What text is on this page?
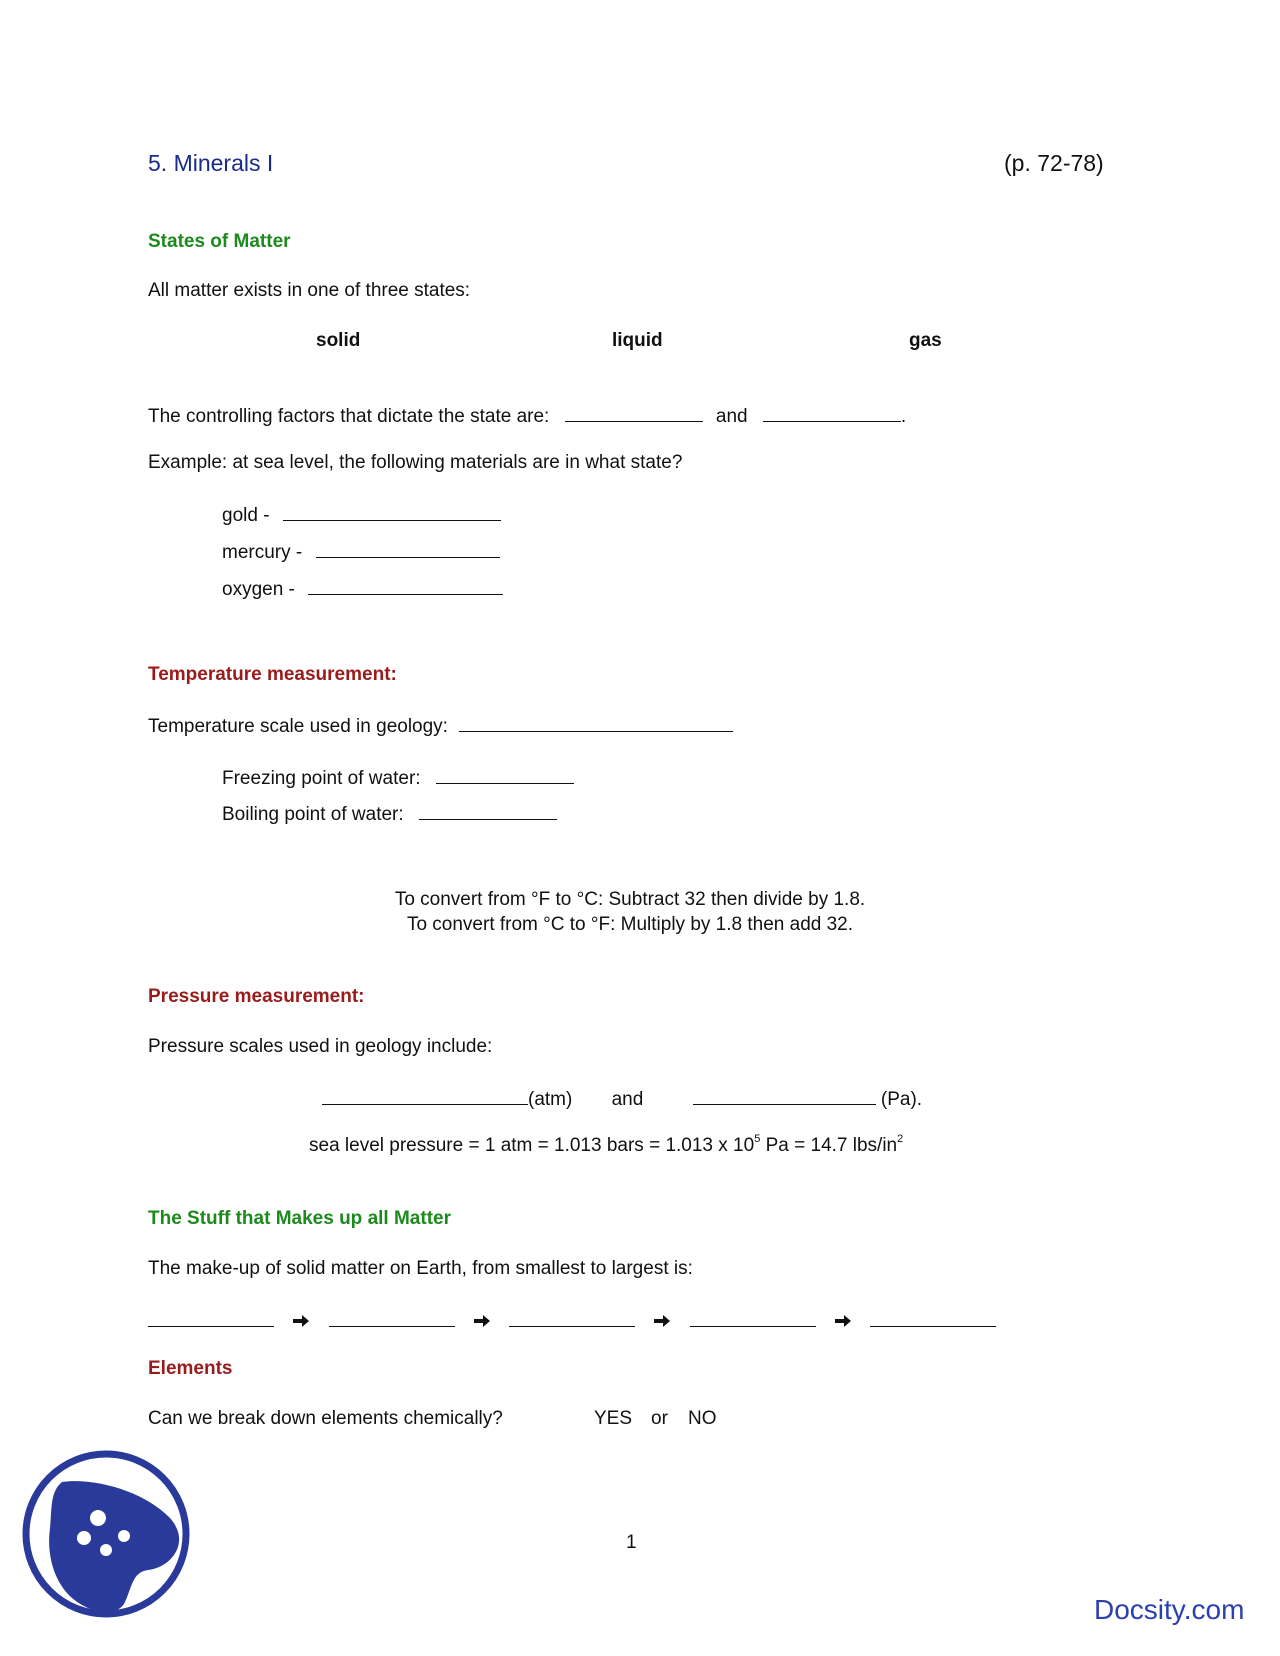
5. Minerals I	(p. 72-78)
States of Matter
All matter exists in one of three states:
solid	liquid	gas
The controlling factors that dictate the state are:	and	.
Example: at sea level, the following materials are in what state?
gold -
mercury -
oxygen -
Temperature measurement:
Temperature scale used in geology:
Freezing point of water:
Boiling point of water:
To convert from °F to °C: Subtract 32 then divide by 1.8.
To convert from °C to °F: Multiply by 1.8 then add 32.
Pressure measurement:
Pressure scales used in geology include:
(atm) and	(Pa).
sea level pressure = 1 atm = 1.013 bars = 1.013 x $10^5$ Pa = 14.7 lbs/$in^2$
The Stuff that Makes up all Matter
The make-up of solid matter on Earth, from smallest to largest is:

Elements
Can we break down elements chemically?	YES or NO
1
Docsity.com
